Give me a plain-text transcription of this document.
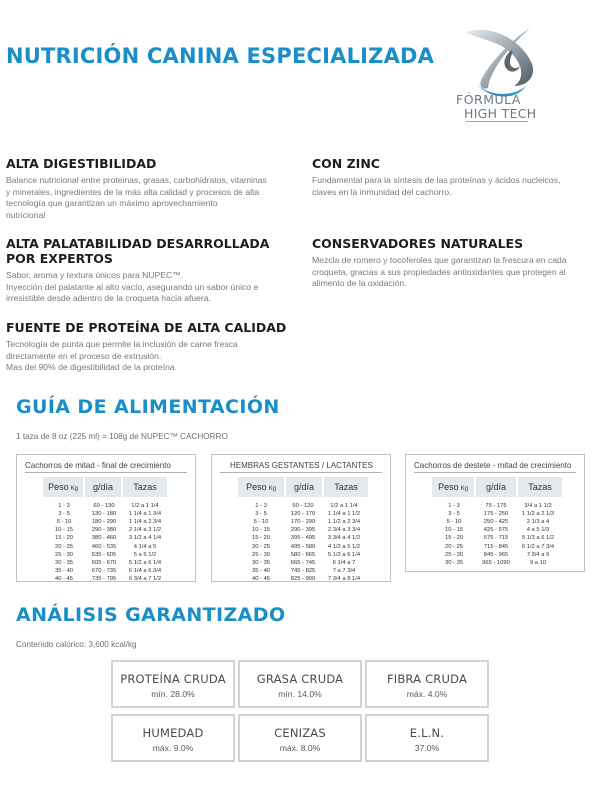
NUTRICIÓN CANINA ESPECIALIZADA
FÓRMULA
HIGH TECH
ALTA DIGESTIBILIDAD

Balance nutricional entre proteinas, grasas, carbohidratos, vitaminas
y minerales, ingredientes de la más alta calidad y procesos de alta
tecnología que garantizan un máximo aprovechamiento
nutricional

CON ZINC

Fundamental para la síntesis de las proteínas y ácidos nucleicos,
claves en la inmunidad del cachorro.

ALTA PALATABILIDAD DESARROLLADA
POR EXPERTOS

Sabor, aroma y textura únicos para NUPEC™.
Inyección del palatante al alto vacío, asegurando un sabor único e
irresistible desde adentro de la croqueta hacia afuera.

CONSERVADORES NATURALES

Mezcla de romero y tocoferoles que garantizan la frescura en cada
croqueta, gracias a sus propiedades antioxidantes que protegen al
alimento de la oxidación.

FUENTE DE PROTEÍNA DE ALTA CALIDAD

Tecnología de punta que permite la inclusión de carne fresca
directamente en el proceso de extrusión.
Mas del 90% de digestibilidad de la proteína.

GUÍA DE ALIMENTACIÓN
1 taza de 8 oz (225 ml) = 108g de NUPEC™ CACHORRO
Cachorros de mitad - final de crecimiento
Peso Kg	g/día	Tazas
1 - 3	60 - 130	1/2 a 1 1/4
3 - 5	130 - 180	1 1/4 a 1 3/4
5 - 10	180 - 290	1 1/4 a 2 3/4
10 - 15	290 - 380	2 1/4 a 3 1/2
15 - 20	380 - 460	3 1/2 a 4 1/4
20 - 25	460 - 535	4 1/4 a 5
25 - 30	535 - 605	5 a 5 1/2
30 - 35	605 - 670	5 1/2 a 6 1/4
35 - 40	670 - 735	6 1/4 a 6 3/4
40 - 45	735 - 795	6 3/4 a 7 1/2
HEMBRAS GESTANTES / LACTANTES
Peso Kg	g/día	Tazas
1 - 3	50 - 120	1/2 a 1 1/4
3 - 5	120 - 170	1 1/4 a 1 1/2
5 - 10	170 - 290	1 1/2 a 2 3/4
10 - 15	290 - 395	2 3/4 a 3 3/4
15 - 20	395 - 495	3 3/4 a 4 1/2
20 - 25	495 - 580	4 1/2 a 5 1/2
25 - 30	580 - 665	5 1/2 a 6 1/4
30 - 35	665 - 745	6 1/4 a 7
35 - 40	745 - 825	7 a 7 3/4
40 - 45	825 - 900	7 3/4 a 8 1/4
Cachorros de destete - mitad de crecimiento
Peso Kg	g/día	Tazas
1 - 3	75 - 175	3/4 a 1 1/2
3 - 5	175 - 250	1 1/2 a 2 1/3
5 - 10	250 - 425	2 1/3 a 4
10 - 15	425 - 575	4 a 5 1/3
15 - 20	575 - 715	5 1/3 a 6 1/2
20 - 25	715 - 845	6 1/2 a 7 3/4
25 - 30	845 - 965	7 3/4 a 9
30 - 35	965 - 1090	9 a 10
ANÁLISIS GARANTIZADO
Contenido calórico: 3,600 kcal/kg
PROTEÍNA CRUDA
mín. 28.0%
GRASA CRUDA
mín. 14.0%
FIBRA CRUDA
máx. 4.0%
HUMEDAD
máx. 9.0%
CENIZAS
máx. 8.0%
E.L.N.
37.0%
